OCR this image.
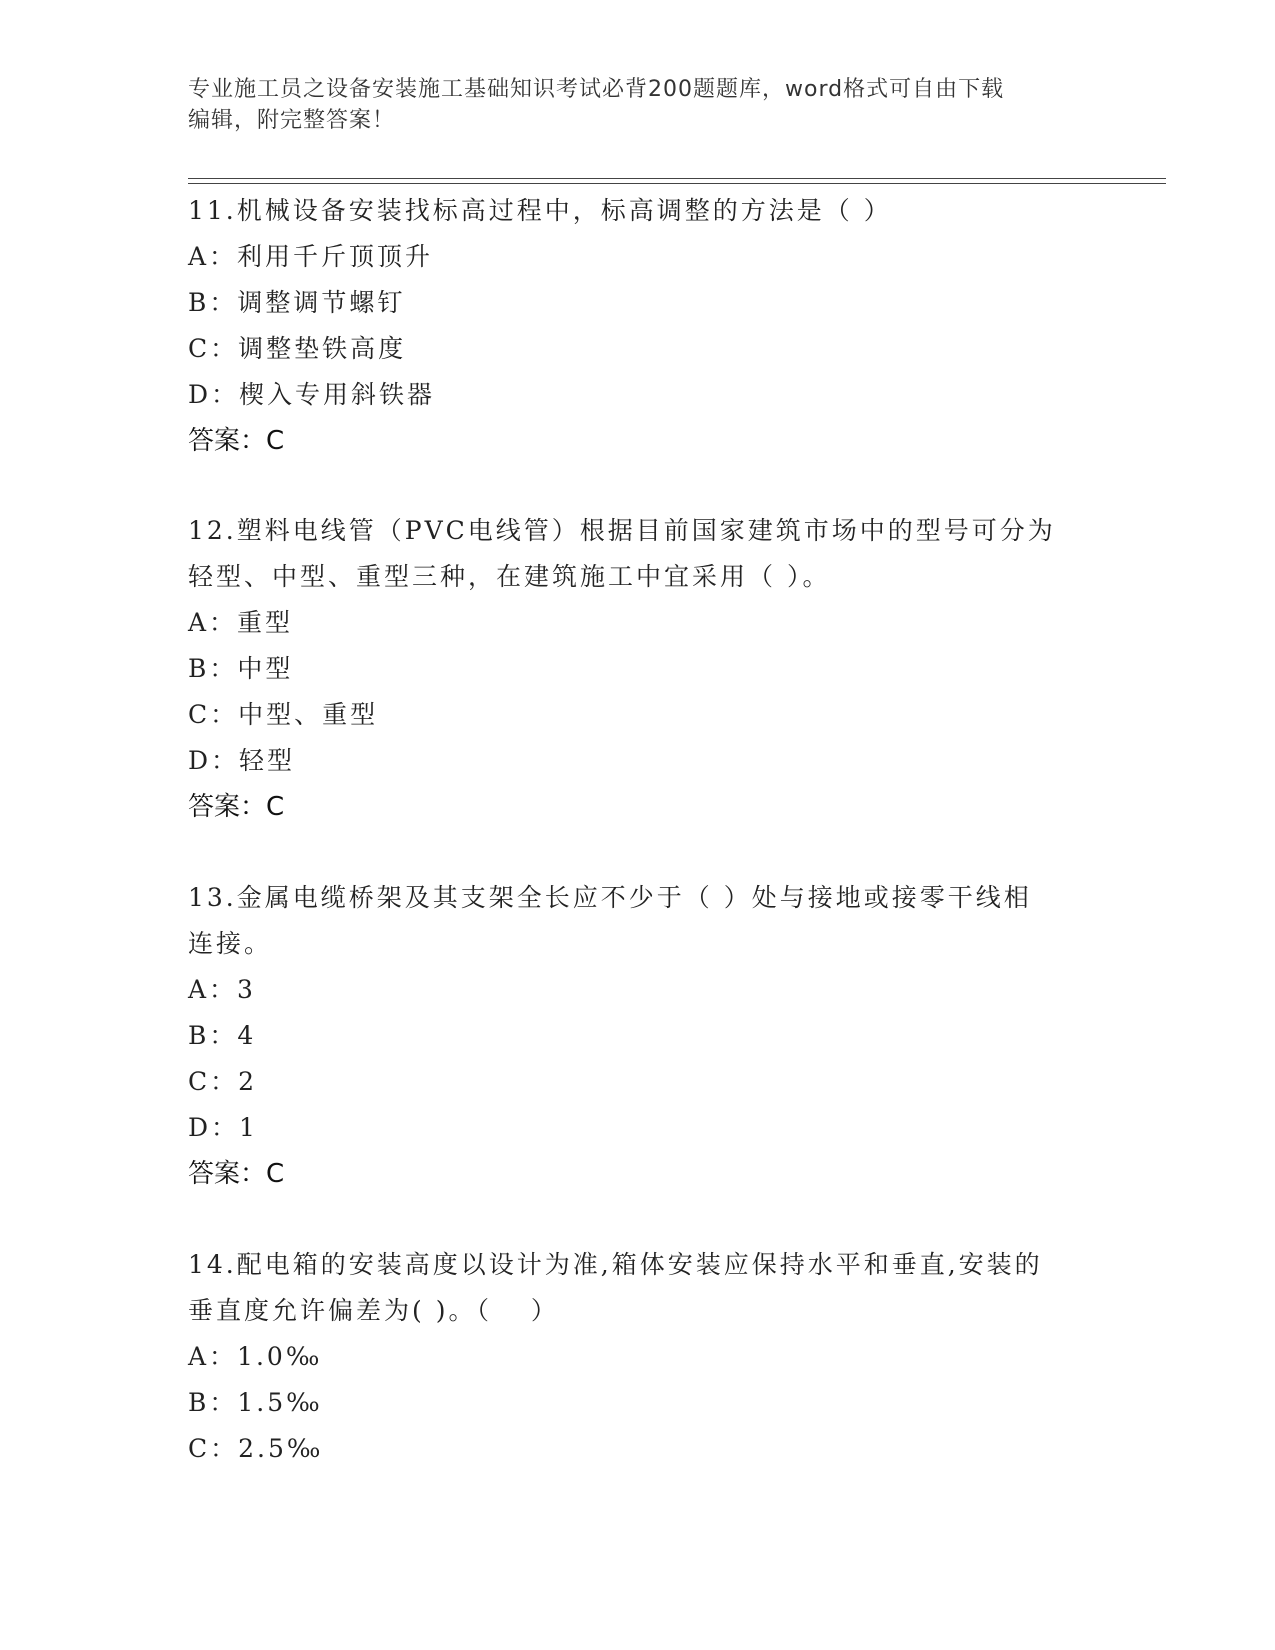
专业施工员之设备安装施工基础知识考试必背200题题库，word格式可自由下载
编辑，附完整答案！
11.机械设备安装找标高过程中，标高调整的方法是（ ）
A：利用千斤顶顶升
B：调整调节螺钉
C：调整垫铁高度
D：楔入专用斜铁器
答案：C
12.塑料电线管（PVC电线管）根据目前国家建筑市场中的型号可分为
轻型、中型、重型三种，在建筑施工中宜采用（ ）。
A：重型
B：中型
C：中型、重型
D：轻型
答案：C
13.金属电缆桥架及其支架全长应不少于（ ）处与接地或接零干线相
连接。
A：3
B：4
C：2
D：1
答案：C
14.配电箱的安装高度以设计为准,箱体安装应保持水平和垂直,安装的
垂直度允许偏差为( )。（　 ）
A：1.0‰
B：1.5‰
C：2.5‰
